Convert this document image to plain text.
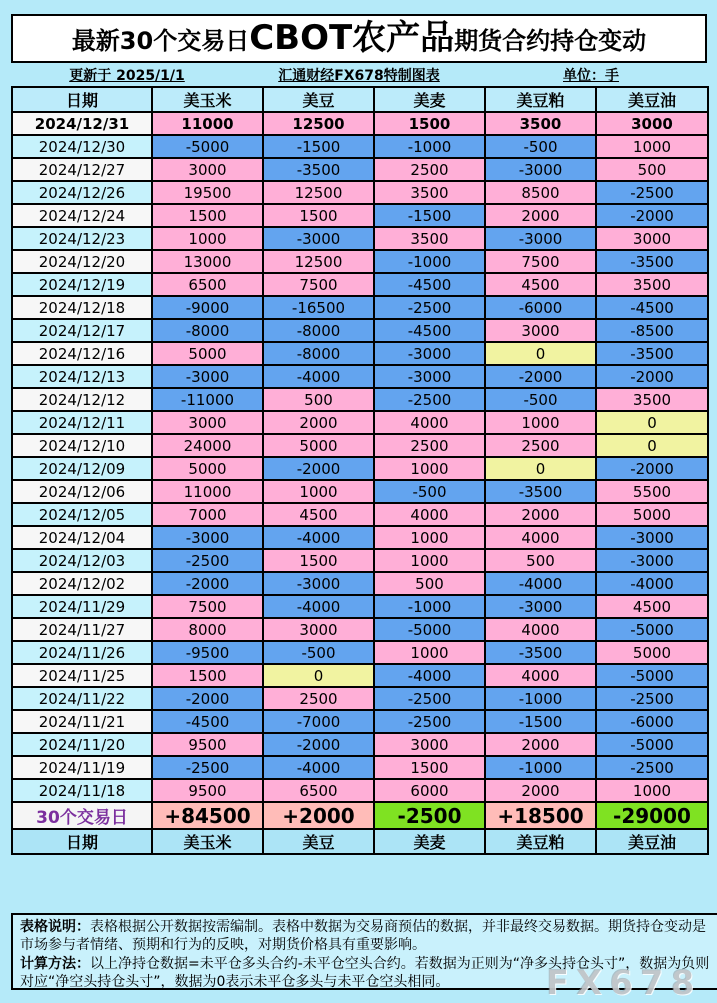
最新30个交易日 CBOT农产品 期货合约持仓变动
更新于 2025/1/1	汇通财经FX678特制图表	单位：手
日期	美玉米	美豆	美麦	美豆粕	美豆油
2024/12/31	11000	12500	1500	3500	3000
2024/12/30	-5000	-1500	-1000	-500	1000
2024/12/27	3000	-3500	2500	-3000	500
2024/12/26	19500	12500	3500	8500	-2500
2024/12/24	1500	1500	-1500	2000	-2000
2024/12/23	1000	-3000	3500	-3000	3000
2024/12/20	13000	12500	-1000	7500	-3500
2024/12/19	6500	7500	-4500	4500	3500
2024/12/18	-9000	-16500	-2500	-6000	-4500
2024/12/17	-8000	-8000	-4500	3000	-8500
2024/12/16	5000	-8000	-3000	0	-3500
2024/12/13	-3000	-4000	-3000	-2000	-2000
2024/12/12	-11000	500	-2500	-500	3500
2024/12/11	3000	2000	4000	1000	0
2024/12/10	24000	5000	2500	2500	0
2024/12/09	5000	-2000	1000	0	-2000
2024/12/06	11000	1000	-500	-3500	5500
2024/12/05	7000	4500	4000	2000	5000
2024/12/04	-3000	-4000	1000	4000	-3000
2024/12/03	-2500	1500	1000	500	-3000
2024/12/02	-2000	-3000	500	-4000	-4000
2024/11/29	7500	-4000	-1000	-3000	4500
2024/11/27	8000	3000	-5000	4000	-5000
2024/11/26	-9500	-500	1000	-3500	5000
2024/11/25	1500	0	-4000	4000	-5000
2024/11/22	-2000	2500	-2500	-1000	-2500
2024/11/21	-4500	-7000	-2500	-1500	-6000
2024/11/20	9500	-2000	3000	2000	-5000
2024/11/19	-2500	-4000	1500	-1000	-2500
2024/11/18	9500	6500	6000	2000	1000
30个交易日	+84500	+2000	-2500	+18500	-29000
日期	美玉米	美豆	美麦	美豆粕	美豆油

表格说明：表格根据公开数据按需编制。表格中数据为交易商预估的数据，并非最终交易数据。期货持仓变动是市场参与者情绪、预期和行为的反映，对期货价格具有重要影响。

计算方法：以上净持仓数据=未平仓多头合约-未平仓空头合约。若数据为正则为“净多头持仓头寸”，数据为负则对应“净空头持仓头寸”，数据为0表示未平仓多头与未平仓空头相同。	FX678
